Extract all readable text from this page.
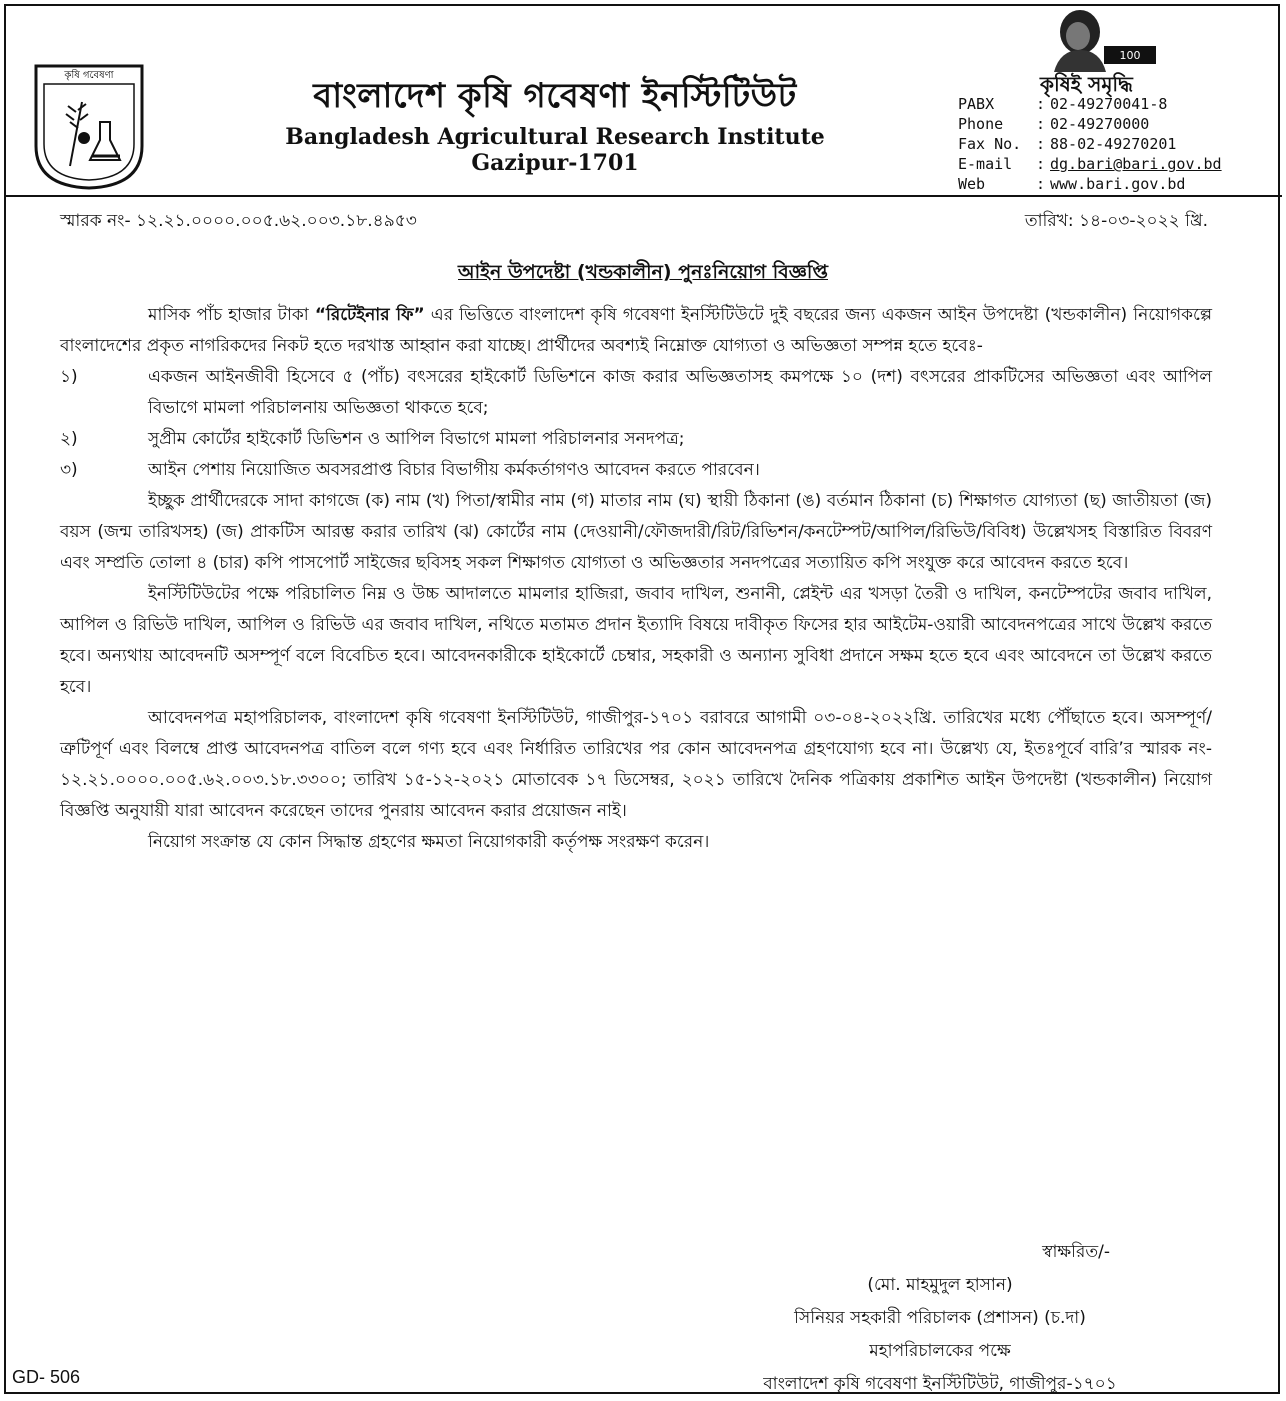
কৃষি গবেষণা
বাংলাদেশ কৃষি গবেষণা ইনস্টিটিউট
Bangladesh Agricultural Research Institute
Gazipur-1701
100
কৃষিই সমৃদ্ধি
PABX	: 02-49270041-8
Phone	: 02-49270000
Fax No. : 88-02-49270201
E-mail	: dg.bari@bari.gov.bd
Web	: www.bari.gov.bd
স্মারক নং- ১২.২১.০০০০.০০৫.৬২.০০৩.১৮.৪৯৫৩	তারিখ: ১৪-০৩-২০২২ খ্রি.
আইন উপদেষ্টা (খন্ডকালীন) পুনঃনিয়োগ বিজ্ঞপ্তি

মাসিক পাঁচ হাজার টাকা “রিটেইনার ফি” এর ভিত্তিতে বাংলাদেশ কৃষি গবেষণা ইনস্টিটিউটে দুই বছরের জন্য একজন আইন উপদেষ্টা (খন্ডকালীন) নিয়োগকল্পে বাংলাদেশের প্রকৃত নাগরিকদের নিকট হতে দরখাস্ত আহ্বান করা যাচ্ছে। প্রার্থীদের অবশ্যই নিম্নোক্ত যোগ্যতা ও অভিজ্ঞতা সম্পন্ন হতে হবেঃ-

১)	একজন আইনজীবী হিসেবে ৫ (পাঁচ) বৎসরের হাইকোর্ট ডিভিশনে কাজ করার অভিজ্ঞতাসহ কমপক্ষে ১০ (দশ) বৎসরের প্রাকটিসের অভিজ্ঞতা এবং আপিল বিভাগে মামলা পরিচালনায় অভিজ্ঞতা থাকতে হবে;
২)	সুপ্রীম কোর্টের হাইকোর্ট ডিভিশন ও আপিল বিভাগে মামলা পরিচালনার সনদপত্র;
৩)	আইন পেশায় নিয়োজিত অবসরপ্রাপ্ত বিচার বিভাগীয় কর্মকর্তাগণও আবেদন করতে পারবেন।

ইচ্ছুক প্রার্থীদেরকে সাদা কাগজে (ক) নাম (খ) পিতা/স্বামীর নাম (গ) মাতার নাম (ঘ) স্থায়ী ঠিকানা (ঙ) বর্তমান ঠিকানা (চ) শিক্ষাগত যোগ্যতা (ছ) জাতীয়তা (জ) বয়স (জন্ম তারিখসহ) (জ) প্রাকটিস আরম্ভ করার তারিখ (ঝ) কোর্টের নাম (দেওয়ানী/ফৌজদারী/রিট/রিভিশন/কনটেম্পট/আপিল/রিভিউ/বিবিধ) উল্লেখসহ বিস্তারিত বিবরণ এবং সম্প্রতি তোলা ৪ (চার) কপি পাসপোর্ট সাইজের ছবিসহ সকল শিক্ষাগত যোগ্যতা ও অভিজ্ঞতার সনদপত্রের সত্যায়িত কপি সংযুক্ত করে আবেদন করতে হবে।

ইনস্টিটিউটের পক্ষে পরিচালিত নিম্ন ও উচ্চ আদালতে মামলার হাজিরা, জবাব দাখিল, শুনানী, প্লেইন্ট এর খসড়া তৈরী ও দাখিল, কনটেম্পটের জবাব দাখিল, আপিল ও রিভিউ দাখিল, আপিল ও রিভিউ এর জবাব দাখিল, নথিতে মতামত প্রদান ইত্যাদি বিষয়ে দাবীকৃত ফিসের হার আইটেম-ওয়ারী আবেদনপত্রের সাথে উল্লেখ করতে হবে। অন্যথায় আবেদনটি অসম্পূর্ণ বলে বিবেচিত হবে। আবেদনকারীকে হাইকোর্টে চেম্বার, সহকারী ও অন্যান্য সুবিধা প্রদানে সক্ষম হতে হবে এবং আবেদনে তা উল্লেখ করতে হবে।

আবেদনপত্র মহাপরিচালক, বাংলাদেশ কৃষি গবেষণা ইনস্টিটিউট, গাজীপুর-১৭০১ বরাবরে আগামী ০৩-০৪-২০২২খ্রি. তারিখের মধ্যে পৌঁছাতে হবে। অসম্পূর্ণ/ত্রুটিপূর্ণ এবং বিলম্বে প্রাপ্ত আবেদনপত্র বাতিল বলে গণ্য হবে এবং নির্ধারিত তারিখের পর কোন আবেদনপত্র গ্রহণযোগ্য হবে না। উল্লেখ্য যে, ইতঃপূর্বে বারি’র স্মারক নং- ১২.২১.০০০০.০০৫.৬২.০০৩.১৮.৩৩০০; তারিখ ১৫-১২-২০২১ মোতাবেক ১৭ ডিসেম্বর, ২০২১ তারিখে দৈনিক পত্রিকায় প্রকাশিত আইন উপদেষ্টা (খন্ডকালীন) নিয়োগ বিজ্ঞপ্তি অনুযায়ী যারা আবেদন করেছেন তাদের পুনরায় আবেদন করার প্রয়োজন নাই।

নিয়োগ সংক্রান্ত যে কোন সিদ্ধান্ত গ্রহণের ক্ষমতা নিয়োগকারী কর্তৃপক্ষ সংরক্ষণ করেন।

স্বাক্ষরিত/-
(মো. মাহমুদুল হাসান)
সিনিয়র সহকারী পরিচালক (প্রশাসন) (চ.দা)
মহাপরিচালকের পক্ষে
বাংলাদেশ কৃষি গবেষণা ইনস্টিটিউট, গাজীপুর-১৭০১
GD- 506
